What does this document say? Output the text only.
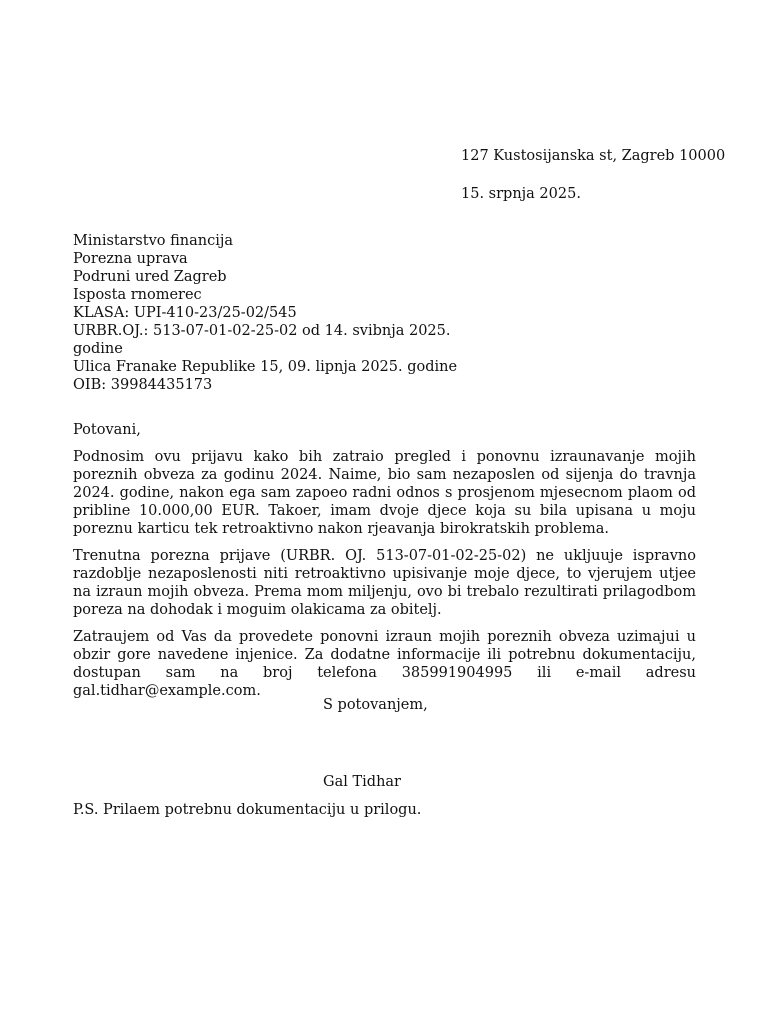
127 Kustosijanska st, Zagreb 10000
15. srpnja 2025.
Ministarstvo financija
Porezna uprava
Podruni ured Zagreb
Isposta rnomerec
KLASA: UPI-410-23/25-02/545
URBR.OJ.: 513-07-01-02-25-02 od 14. svibnja 2025.
godine
Ulica Franake Republike 15, 09. lipnja 2025. godine
OIB: 39984435173

Potovani,

Podnosim ovu prijavu kako bih zatraio pregled i ponovnu izraunavanje mojih poreznih obveza za godinu 2024. Naime, bio sam nezaposlen od sijenja do travnja 2024. godine, nakon ega sam zapoeo radni odnos s prosjenom mjesecnom plaom od pribline 10.000,00 EUR. Takoer, imam dvoje djece koja su bila upisana u moju poreznu karticu tek retroaktivno nakon rjeavanja birokratskih problema.

Trenutna porezna prijave (URBR. OJ. 513-07-01-02-25-02) ne ukljuuje ispravno razdoblje nezaposlenosti niti retroaktivno upisivanje moje djece, to vjerujem utjee na izraun mojih obveza. Prema mom miljenju, ovo bi trebalo rezultirati prilagodbom poreza na dohodak i moguim olakicama za obitelj.

Zatraujem od Vas da provedete ponovni izraun mojih poreznih obveza uzimajui u obzir gore navedene injenice. Za dodatne informacije ili potrebnu dokumentaciju, dostupan sam na broj telefona 385991904995 ili e-mail adresu gal.tidhar@example.com.

S potovanjem,
Gal Tidhar
P.S. Prilaem potrebnu dokumentaciju u prilogu.
